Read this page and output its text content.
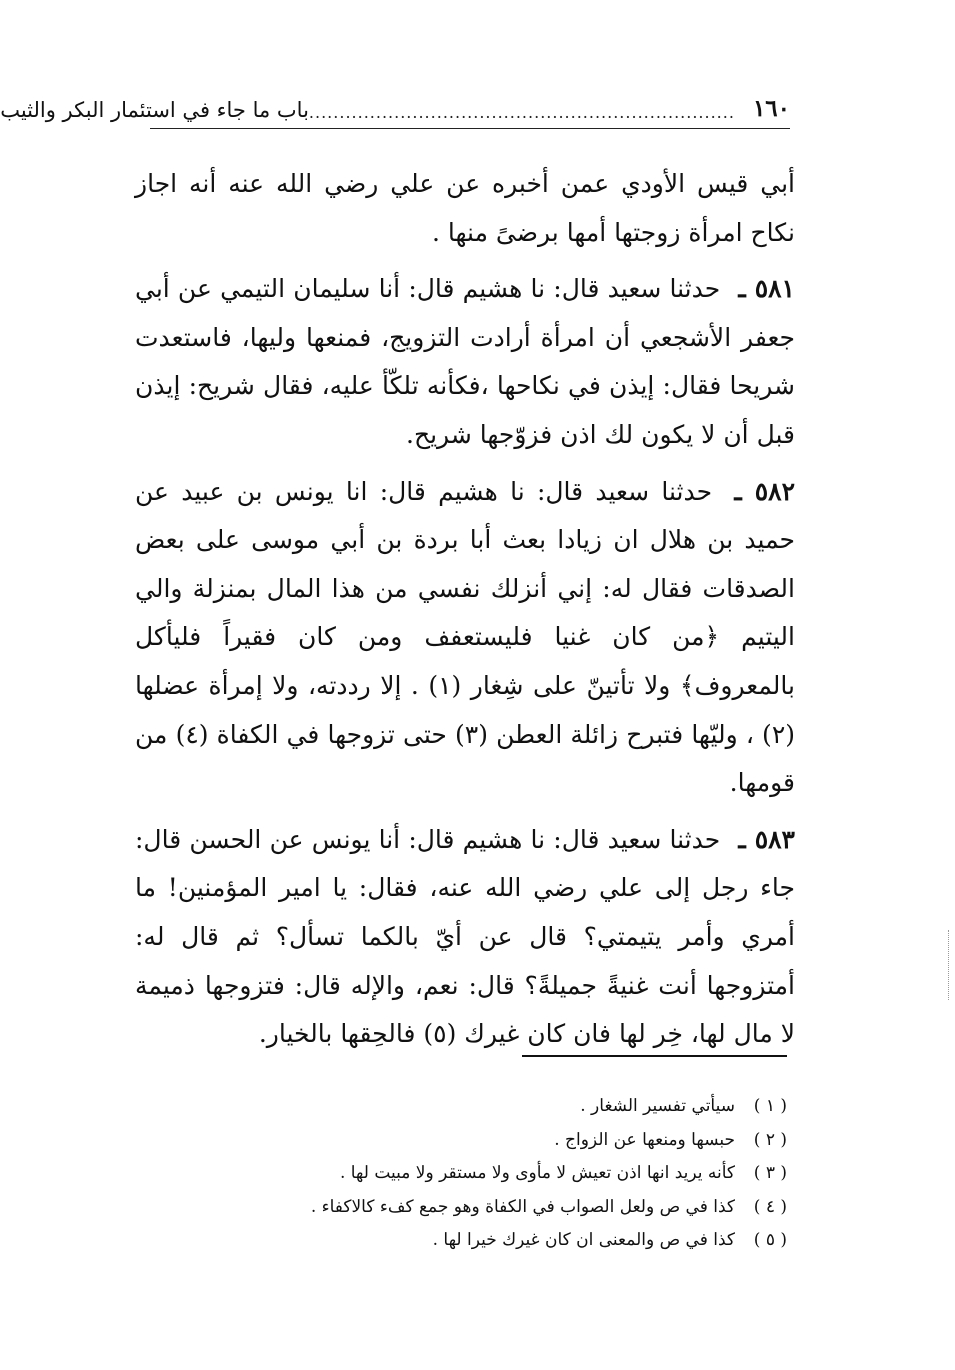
١٦٠
......................................................................
باب ما جاء في استئمار البكر والثيب

أبي قيس الأودي عمن أخبره عن علي رضي الله عنه أنه اجاز نكاح امرأة زوجتها أمها برضىً منها .

٥٨١ ـ حدثنا سعيد قال: نا هشيم قال: أنا سليمان التيمي عن أبي جعفر الأشجعي أن امرأة أرادت التزويج، فمنعها وليها، فاستعدت شريحا فقال: إيذن في نكاحها ،فكأنه تلكّأ عليه، فقال شريح: إيذن قبل أن لا يكون لك اذن فزوّجها شريح.

٥٨٢ ـ حدثنا سعيد قال: نا هشيم قال: انا يونس بن عبيد عن حميد بن هلال ان زيادا بعث أبا بردة بن أبي موسى على بعض الصدقات فقال له: إني أنزلك نفسي من هذا المال بمنزلة والي اليتيم ﴿من كان غنيا فليستعفف ومن كان فقيراً فليأكل بالمعروف﴾ ولا تأتينّ على شِغار (١) . إلا رددته، ولا إمرأة عضلها (٢) ، وليّها فتبرح زائلة العطن (٣) حتى تزوجها في الكفاة (٤) من قومها.

٥٨٣ ـ حدثنا سعيد قال: نا هشيم قال: أنا يونس عن الحسن قال: جاء رجل إلى علي رضي الله عنه، فقال: يا امير المؤمنين! ما أمري وأمر يتيمتي؟ قال عن أيّ بالكما تسأل؟ ثم قال له: أمتزوجها أنت غنيةً جميلةً؟ قال: نعم، والإله قال: فتزوجها ذميمة لا مال لها، خِر لها فان كان غيرك (٥) فالحِقها بالخيار.

( ١ )
سيأتي تفسير الشغار .
( ٢ )
حبسها ومنعها عن الزواج .
( ٣ )
كأنه يريد انها اذن تعيش لا مأوى ولا مستقر ولا مبيت لها .
( ٤ )
كذا في ص ولعل الصواب في الكفاة وهو جمع كفء كالاكفاء .
( ٥ )
كذا في ص والمعنى ان كان غيرك خيرا لها .
